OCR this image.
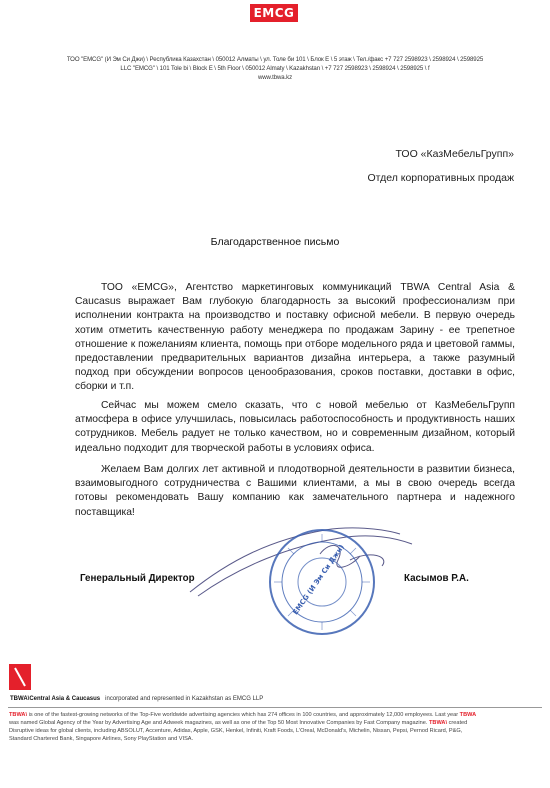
EMCG
ТОО "EMCG" (И Эм Си Джи) \ Республика Казахстан \ 050012 Алматы \ ул. Толе би 101 \ Блок Е \ 5 этаж \ Тел./факс +7 727 2598923 \ 2598924 \ 2598925
LLC "EMCG" \ 101 Tole bi \ Block E \ 5th Floor \ 050012 Almaty \ Kazakhstan \ +7 727 2598923 \ 2598924 \ 2598925 \ f
www.tbwa.kz
ТОО «КазМебельГрупп»
Отдел корпоративных продаж
Благодарственное письмо

ТОО «EMCG», Агентство маркетинговых коммуникаций TBWA Central Asia & Caucasus выражает Вам глубокую благодарность за высокий профессионализм при исполнении контракта на производство и поставку офисной мебели. В первую очередь хотим отметить качественную работу менеджера по продажам Зарину - ее трепетное отношение к пожеланиям клиента, помощь при отборе модельного ряда и цветовой гаммы, предоставлении предварительных вариантов дизайна интерьера, а также разумный подход при обсуждении вопросов ценообразования, сроков поставки, доставки в офис, сборки и т.п.

Сейчас мы можем смело сказать, что с новой мебелью от КазМебельГрупп атмосфера в офисе улучшилась, повысилась работоспособность и продуктивность наших сотрудников. Мебель радует не только качеством, но и современным дизайном, который идеально подходит для творческой работы в условиях офиса.

Желаем Вам долгих лет активной и плодотворной деятельности в развитии бизнеса, взаимовыгодного сотрудничества с Вашими клиентами, а мы в свою очередь всегда готовы рекомендовать Вашу компанию как замечательного партнера и надежного поставщика!

EMCG (И Эм Си Джи)
Генеральный Директор	Касымов Р.А.
TBWA\Central Asia & Caucasus incorporated and represented in Kazakhstan as EMCG LLP
TBWA\ is one of the fastest-growing networks of the Top-Five worldwide advertising agencies which has 274 offices in 100 countries, and approximately 12,000 employees. Last year TBWA
was named Global Agency of the Year by Advertising Age and Adweek magazines, as well as one of the Top 50 Most Innovative Companies by Fast Company magazine. TBWA\ created
Disruptive ideas for global clients, including ABSOLUT, Accenture, Adidas, Apple, GSK, Henkel, Infiniti, Kraft Foods, L'Oreal, McDonald's, Michelin, Nissan, Pepsi, Pernod Ricard, P&G,
Standard Chartered Bank, Singapore Airlines, Sony PlayStation and VISA.
